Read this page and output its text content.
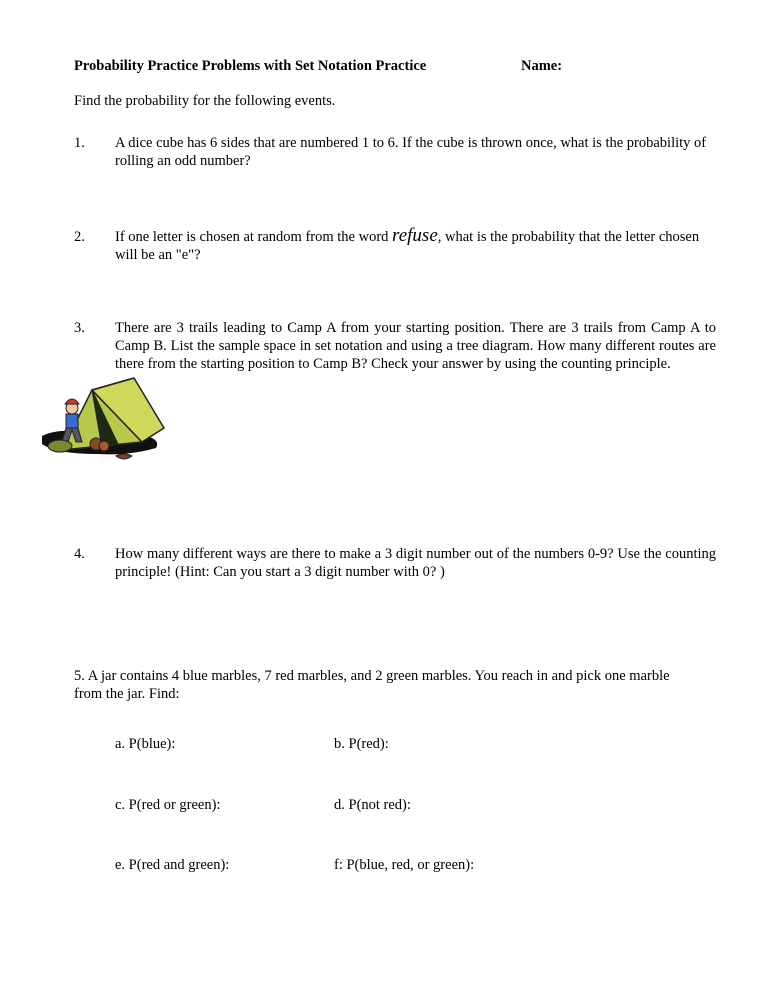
Probability Practice Problems with Set Notation Practice	Name:
Find the probability for the following events.
1.	A dice cube has 6 sides that are numbered 1 to 6. If the cube is thrown once, what is the probability of rolling an odd number?
2.	If one letter is chosen at random from the word refuse, what is the probability that the letter chosen will be an "e"?
3.	There are 3 trails leading to Camp A from your starting position. There are 3 trails from Camp A to Camp B. List the sample space in set notation and using a tree diagram. How many different routes are there from the starting position to Camp B? Check your answer by using the counting principle.
4.	How many different ways are there to make a 3 digit number out of the numbers 0-9? Use the counting principle! (Hint: Can you start a 3 digit number with 0? )
5. A jar contains 4 blue marbles, 7 red marbles, and 2 green marbles. You reach in and pick one marble from the jar. Find:
a. P(blue):	b. P(red):
c. P(red or green):	d. P(not red):
e. P(red and green):	f: P(blue, red, or green):
